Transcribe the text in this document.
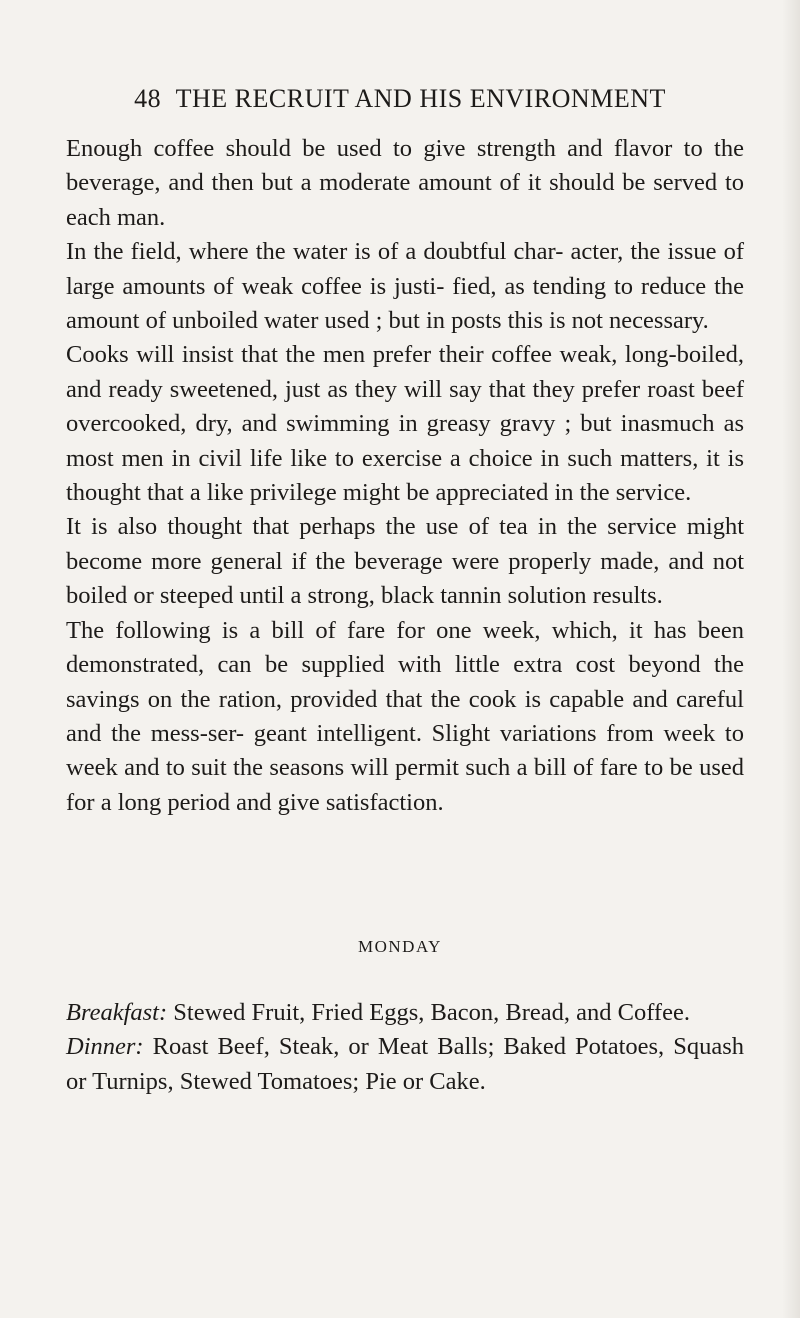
48 THE RECRUIT AND HIS ENVIRONMENT

Enough coffee should be used to give strength and flavor to the beverage, and then but a moderate amount of it should be served to each man.

In the field, where the water is of a doubtful char- acter, the issue of large amounts of weak coffee is justi- fied, as tending to reduce the amount of unboiled water used ; but in posts this is not necessary.

Cooks will insist that the men prefer their coffee weak, long-boiled, and ready sweetened, just as they will say that they prefer roast beef overcooked, dry, and swimming in greasy gravy ; but inasmuch as most men in civil life like to exercise a choice in such matters, it is thought that a like privilege might be appreciated in the service.

It is also thought that perhaps the use of tea in the service might become more general if the beverage were properly made, and not boiled or steeped until a strong, black tannin solution results.

The following is a bill of fare for one week, which, it has been demonstrated, can be supplied with little extra cost beyond the savings on the ration, provided that the cook is capable and careful and the mess-ser- geant intelligent. Slight variations from week to week and to suit the seasons will permit such a bill of fare to be used for a long period and give satisfaction.

MONDAY

Breakfast: Stewed Fruit, Fried Eggs, Bacon, Bread, and Coffee.

Dinner: Roast Beef, Steak, or Meat Balls; Baked Potatoes, Squash or Turnips, Stewed Tomatoes; Pie or Cake.
